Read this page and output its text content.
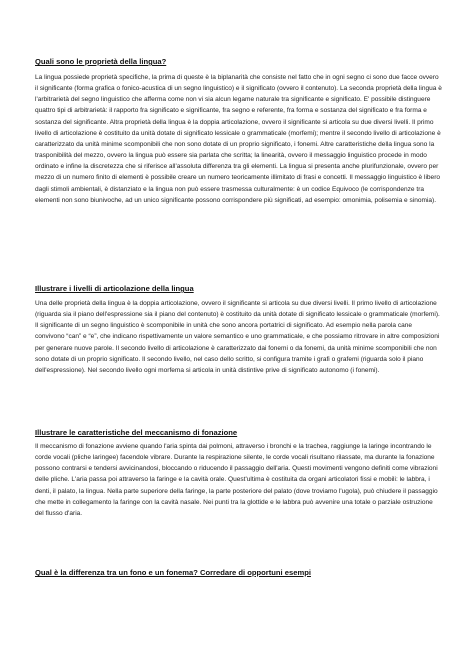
Quali sono le proprietà della lingua?
La lingua possiede proprietà specifiche, la prima di queste è la biplanarità che consiste nel fatto che in ogni segno ci sono due facce ovvero il significante (forma grafica o fonico-acustica di un segno linguistico) e il significato (ovvero il contenuto). La seconda proprietà della lingua è l'arbitrarietà del segno linguistico che afferma come non vi sia alcun legame naturale tra significante e significato. E' possibile distinguere quattro tipi di arbitrarietà: il rapporto fra significato e significante, fra segno e referente, fra forma e sostanza del significato e fra forma e sostanza del significante. Altra proprietà della lingua è la doppia articolazione, ovvero il significante si articola su due diversi livelli. Il primo livello di articolazione è costituito da unità dotate di significato lessicale o grammaticale (morfemi); mentre il secondo livello di articolazione è caratterizzato da unità minime scomponibili che non sono dotate di un proprio significato, i fonemi. Altre caratteristiche della lingua sono la trasponibilità del mezzo, ovvero la lingua può essere sia parlata che scritta; la linearità, ovvero il messaggio linguistico procede in modo ordinato e infine la discretezza che si riferisce all'assoluta differenza tra gli elementi. La lingua si presenta anche plurifunzionale, ovvero per mezzo di un numero finito di elementi è possibile creare un numero teoricamente illimitato di frasi e concetti. Il messaggio linguistico è libero dagli stimoli ambientali, è distanziato e la lingua non può essere trasmessa culturalmente: è un codice Equivoco (le corrispondenze tra elementi non sono biunivoche, ad un unico significante possono corrispondere più significati, ad esempio: omonimia, polisemia e sinomia).
Illustrare i livelli di articolazione della lingua
Una delle proprietà della lingua è la doppia articolazione, ovvero il significante si articola su due diversi livelli. Il primo livello di articolazione (riguarda sia il piano dell'espressione sia il piano del contenuto) è costituito da unità dotate di significato lessicale o grammaticale (morfemi). Il significante di un segno linguistico è scomponibile in unità che sono ancora portatrici di significato. Ad esempio nella parola cane convivono “can” e “e”, che indicano rispettivamente un valore semantico e uno grammaticale, e che possiamo ritrovare in altre composizioni per generare nuove parole. Il secondo livello di articolazione è caratterizzato dai fonemi o da fonemi, da unità minime scomponibili che non sono dotate di un proprio significato. Il secondo livello, nel caso dello scritto, si configura tramite i grafi o grafemi (riguarda solo il piano dell'espressione). Nel secondo livello ogni morfema si articola in unità distintive prive di significato autonomo (i fonemi).
Illustrare le caratteristiche del meccanismo di fonazione
Il meccanismo di fonazione avviene quando l'aria spinta dai polmoni, attraverso i bronchi e la trachea, raggiunge la laringe incontrando le corde vocali (pliche laringee) facendole vibrare. Durante la respirazione silente, le corde vocali risultano rilassate, ma durante la fonazione possono contrarsi e tendersi avvicinandosi, bloccando o riducendo il passaggio dell'aria. Questi movimenti vengono definiti come vibrazioni delle pliche. L'aria passa poi attraverso la faringe e la cavità orale. Quest'ultima è costituita da organi articolatori fissi e mobili: le labbra, i denti, il palato, la lingua. Nella parte superiore della faringe, la parte posteriore del palato (dove troviamo l'ugola), può chiudere il passaggio che mette in collegamento la faringe con la cavità nasale. Nei punti tra la glottide e le labbra può avvenire una totale o parziale ostruzione del flusso d'aria.
Qual è la differenza tra un fono e un fonema? Corredare di opportuni esempi
